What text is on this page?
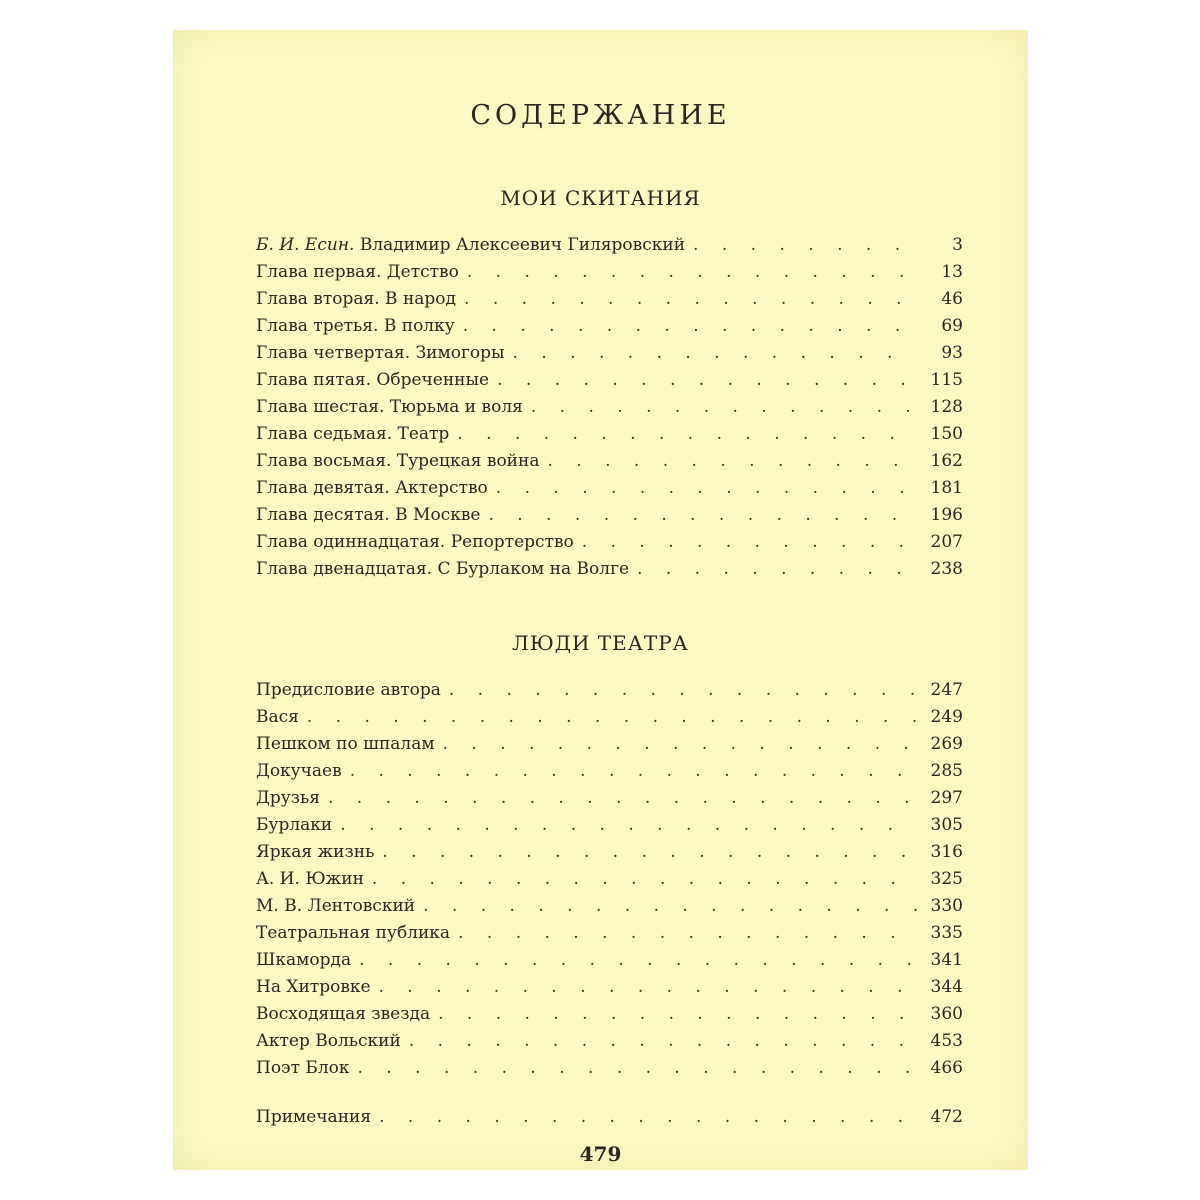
СОДЕРЖАНИЕ
МОИ СКИТАНИЯ
Б. И. Есин. Владимир Алексеевич Гиляровский . . .	3
Глава первая. Детство . . .	13
Глава вторая. В народ . . .	46
Глава третья. В полку . . .	69
Глава четвертая. Зимогоры . . .	93
Глава пятая. Обреченные . . .	115
Глава шестая. Тюрьма и воля . . .	128
Глава седьмая. Театр . . .	150
Глава восьмая. Турецкая война . . .	162
Глава девятая. Актерство . . .	181
Глава десятая. В Москве . . .	196
Глава одиннадцатая. Репортерство . . .	207
Глава двенадцатая. С Бурлаком на Волге . . .	238
ЛЮДИ ТЕАТРА
Предисловие автора . . .	247
Вася . . .	249
Пешком по шпалам . . .	269
Докучаев . . .	285
Друзья . . .	297
Бурлаки . . .	305
Яркая жизнь . . .	316
А. И. Южин . . .	325
М. В. Лентовский . . .	330
Театральная публика . . .	335
Шкаморда . . .	341
На Хитровке . . .	344
Восходящая звезда . . .	360
Актер Вольский . . .	453
Поэт Блок . . .	466
Примечания . . .	472
479
